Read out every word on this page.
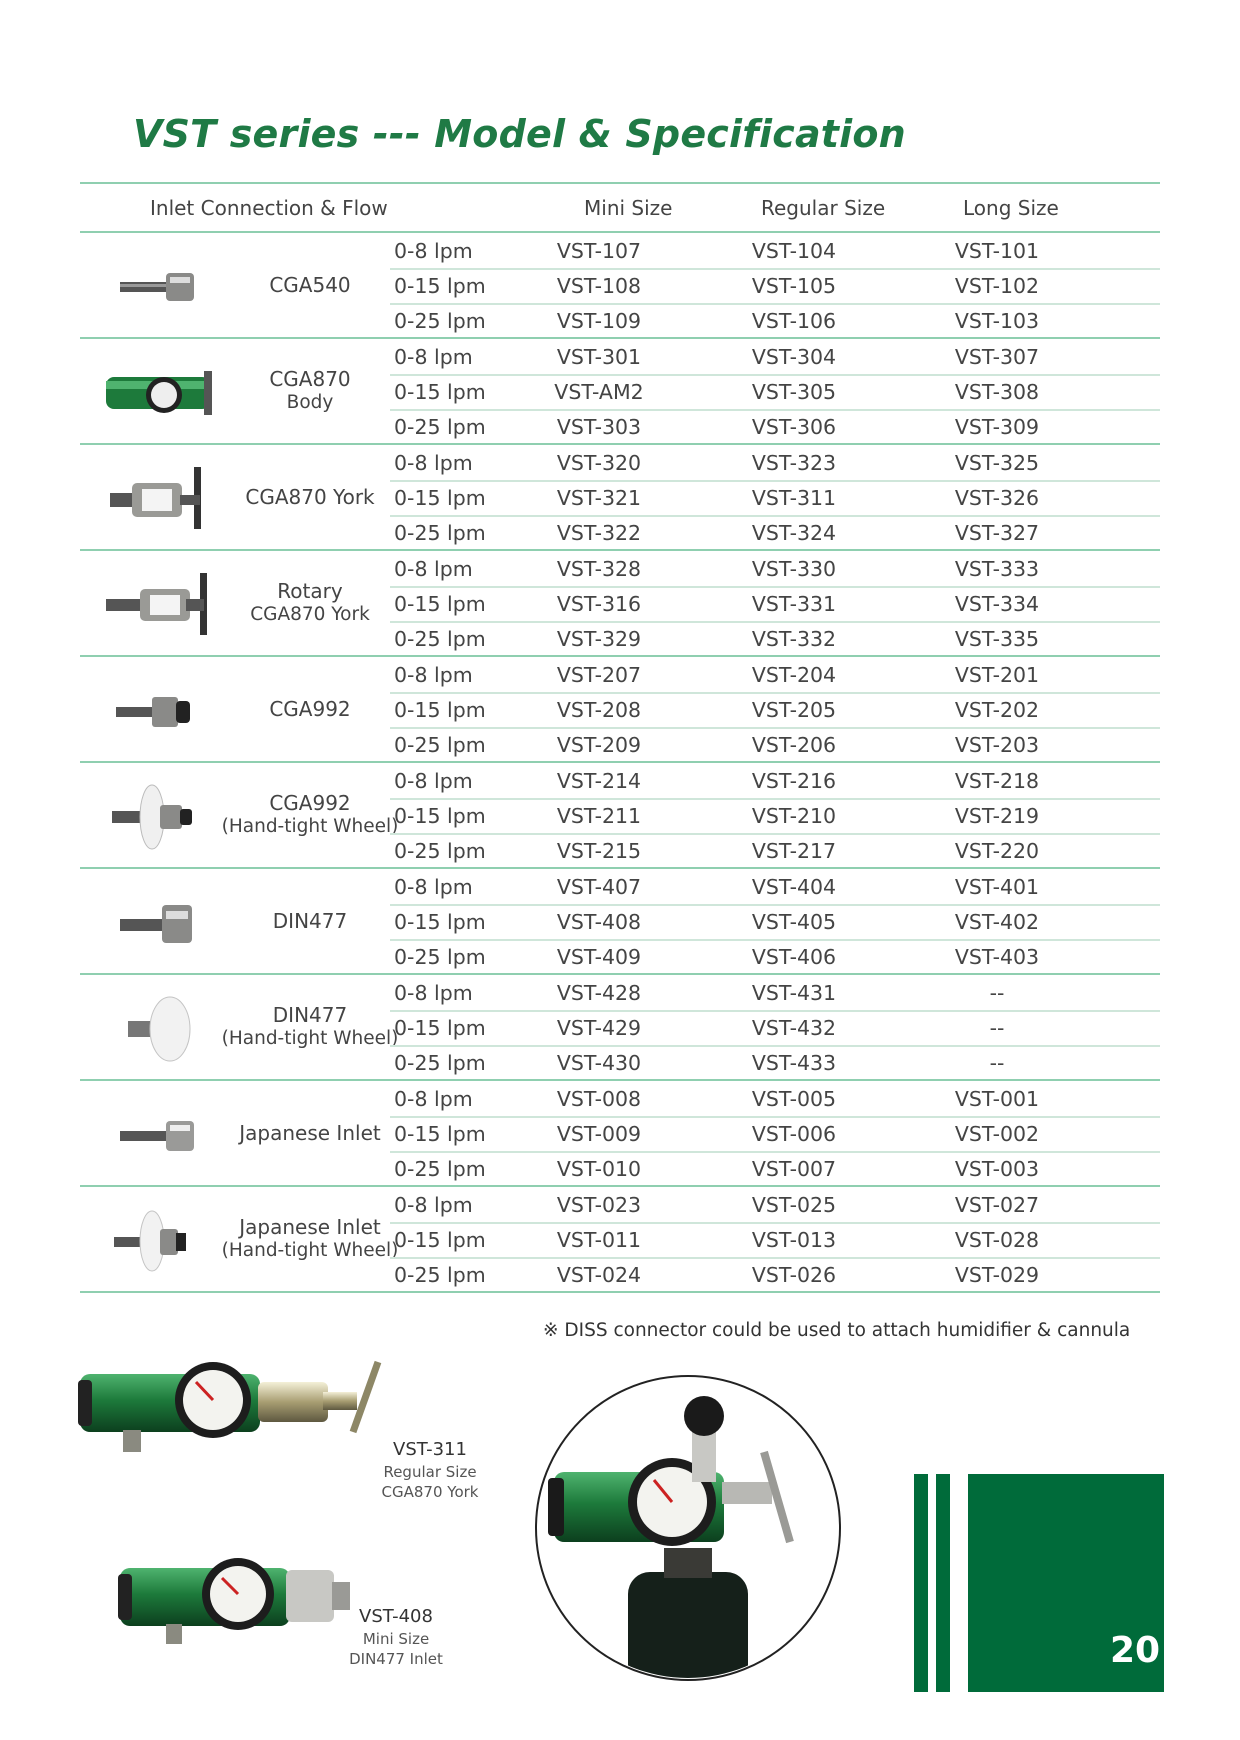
VST series --- Model & Specification
Inlet Connection & Flow	Mini Size	Regular Size	Long Size
CGA540
0-8 lpm	VST-107	VST-104	VST-101
0-15 lpm	VST-108	VST-105	VST-102
0-25 lpm	VST-109	VST-106	VST-103
CGA870
Body
0-8 lpm	VST-301	VST-304	VST-307
0-15 lpm	VST-AM2	VST-305	VST-308
0-25 lpm	VST-303	VST-306	VST-309
CGA870 York
0-8 lpm	VST-320	VST-323	VST-325
0-15 lpm	VST-321	VST-311	VST-326
0-25 lpm	VST-322	VST-324	VST-327
Rotary
CGA870 York
0-8 lpm	VST-328	VST-330	VST-333
0-15 lpm	VST-316	VST-331	VST-334
0-25 lpm	VST-329	VST-332	VST-335
CGA992
0-8 lpm	VST-207	VST-204	VST-201
0-15 lpm	VST-208	VST-205	VST-202
0-25 lpm	VST-209	VST-206	VST-203
CGA992
(Hand-tight Wheel)
0-8 lpm	VST-214	VST-216	VST-218
0-15 lpm	VST-211	VST-210	VST-219
0-25 lpm	VST-215	VST-217	VST-220
DIN477
0-8 lpm	VST-407	VST-404	VST-401
0-15 lpm	VST-408	VST-405	VST-402
0-25 lpm	VST-409	VST-406	VST-403
DIN477
(Hand-tight Wheel)
0-8 lpm	VST-428	VST-431	--
0-15 lpm	VST-429	VST-432	--
0-25 lpm	VST-430	VST-433	--
Japanese Inlet
0-8 lpm	VST-008	VST-005	VST-001
0-15 lpm	VST-009	VST-006	VST-002
0-25 lpm	VST-010	VST-007	VST-003
Japanese Inlet
(Hand-tight Wheel)
0-8 lpm	VST-023	VST-025	VST-027
0-15 lpm	VST-011	VST-013	VST-028
0-25 lpm	VST-024	VST-026	VST-029
※ DISS connector could be used to attach humidifier & cannula
VST-311
Regular Size
CGA870 York
VST-408
Mini Size
DIN477 Inlet	20
